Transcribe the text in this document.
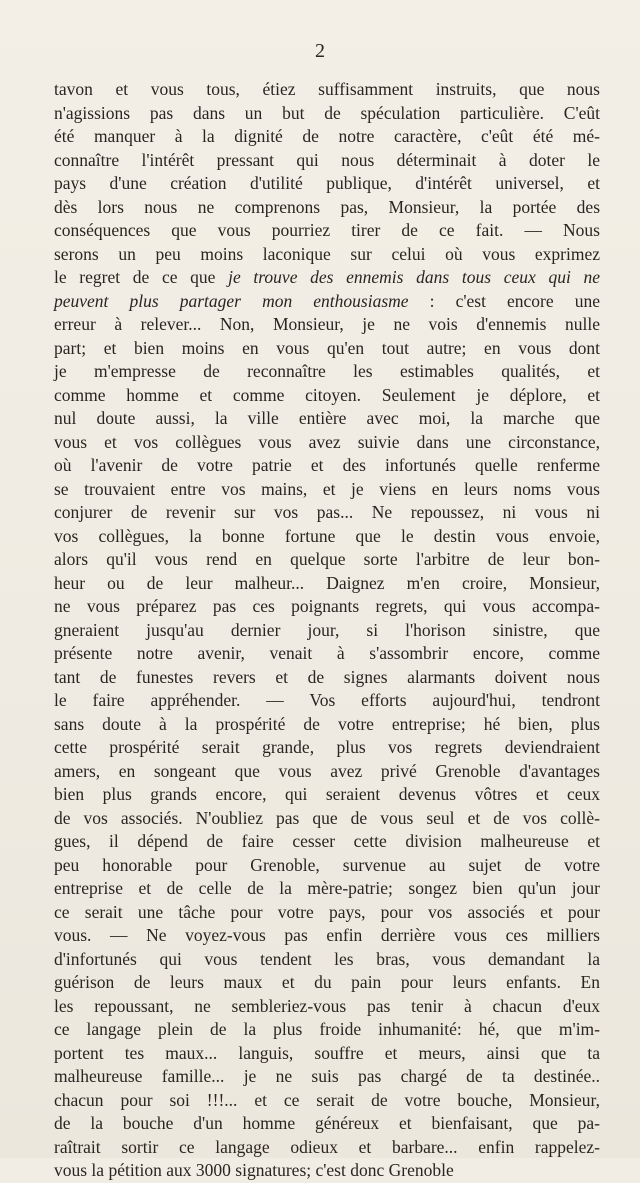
2
tavon et vous tous, étiez suffisamment instruits, que nous
n'agissions pas dans un but de spéculation particulière. C'eût
été manquer à la dignité de notre caractère, c'eût été mé-
connaître l'intérêt pressant qui nous déterminait à doter le
pays d'une création d'utilité publique, d'intérêt universel, et
dès lors nous ne comprenons pas, Monsieur, la portée des
conséquences que vous pourriez tirer de ce fait. — Nous
serons un peu moins laconique sur celui où vous exprimez
le regret de ce que je trouve des ennemis dans tous ceux qui ne
peuvent plus partager mon enthousiasme : c'est encore une
erreur à relever... Non, Monsieur, je ne vois d'ennemis nulle
part; et bien moins en vous qu'en tout autre; en vous dont
je m'empresse de reconnaître les estimables qualités, et
comme homme et comme citoyen. Seulement je déplore, et
nul doute aussi, la ville entière avec moi, la marche que
vous et vos collègues vous avez suivie dans une circonstance,
où l'avenir de votre patrie et des infortunés quelle renferme
se trouvaient entre vos mains, et je viens en leurs noms vous
conjurer de revenir sur vos pas... Ne repoussez, ni vous ni
vos collègues, la bonne fortune que le destin vous envoie,
alors qu'il vous rend en quelque sorte l'arbitre de leur bon-
heur ou de leur malheur... Daignez m'en croire, Monsieur,
ne vous préparez pas ces poignants regrets, qui vous accompa-
gneraient jusqu'au dernier jour, si l'horison sinistre, que
présente notre avenir, venait à s'assombrir encore, comme
tant de funestes revers et de signes alarmants doivent nous
le faire appréhender. — Vos efforts aujourd'hui, tendront
sans doute à la prospérité de votre entreprise; hé bien, plus
cette prospérité serait grande, plus vos regrets deviendraient
amers, en songeant que vous avez privé Grenoble d'avantages
bien plus grands encore, qui seraient devenus vôtres et ceux
de vos associés. N'oubliez pas que de vous seul et de vos collè-
gues, il dépend de faire cesser cette division malheureuse et
peu honorable pour Grenoble, survenue au sujet de votre
entreprise et de celle de la mère-patrie; songez bien qu'un jour
ce serait une tâche pour votre pays, pour vos associés et pour
vous. — Ne voyez-vous pas enfin derrière vous ces milliers
d'infortunés qui vous tendent les bras, vous demandant la
guérison de leurs maux et du pain pour leurs enfants. En
les repoussant, ne sembleriez-vous pas tenir à chacun d'eux
ce langage plein de la plus froide inhumanité: hé, que m'im-
portent tes maux... languis, souffre et meurs, ainsi que ta
malheureuse famille... je ne suis pas chargé de ta destinée..
chacun pour soi !!!... et ce serait de votre bouche, Monsieur,
de la bouche d'un homme généreux et bienfaisant, que pa-
raîtrait sortir ce langage odieux et barbare... enfin rappelez-
vous la pétition aux 3000 signatures; c'est donc Grenoble
